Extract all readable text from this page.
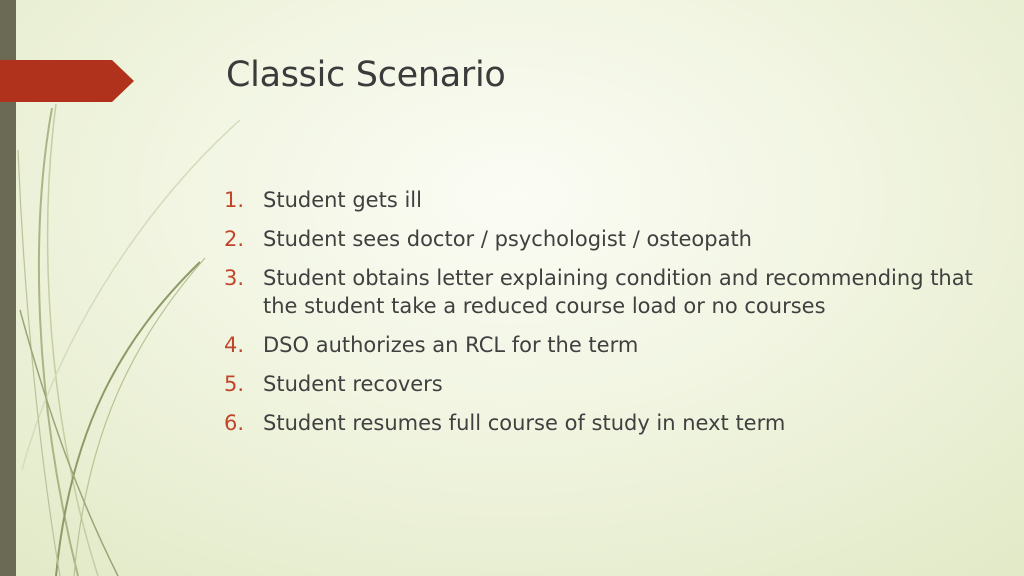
Classic Scenario
1. Student gets ill
2. Student sees doctor / psychologist / osteopath
3. Student obtains letter explaining condition and recommending that the student take a reduced course load or no courses
4. DSO authorizes an RCL for the term
5. Student recovers
6. Student resumes full course of study in next term
